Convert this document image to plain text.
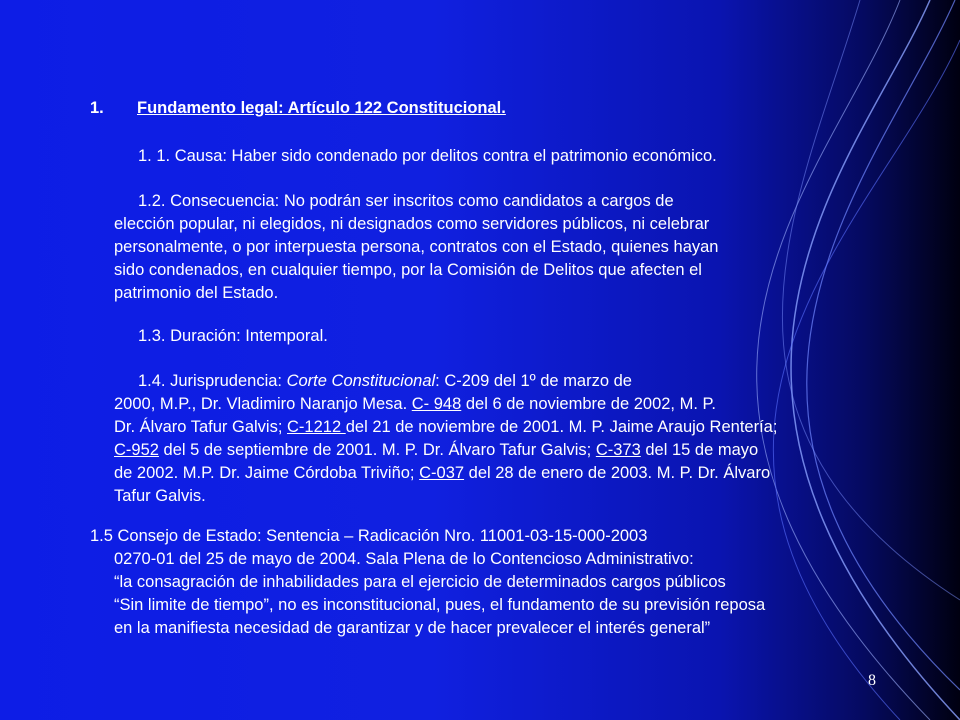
1. Fundamento legal: Artículo 122 Constitucional.
1. 1. Causa: Haber sido condenado por delitos contra el patrimonio económico.
1.2. Consecuencia: No podrán ser inscritos como candidatos a cargos de
elección popular, ni elegidos, ni designados como servidores públicos, ni celebrar
personalmente, o por interpuesta persona, contratos con el Estado, quienes hayan
sido condenados, en cualquier tiempo, por la Comisión de Delitos que afecten el
patrimonio del Estado.
1.3. Duración: Intemporal.
1.4. Jurisprudencia: Corte Constitucional: C-209 del 1º de marzo de
2000, M.P., Dr. Vladimiro Naranjo Mesa. C- 948 del 6 de noviembre de 2002, M. P.
Dr. Álvaro Tafur Galvis; C-1212 del 21 de noviembre de 2001. M. P. Jaime Araujo Rentería;
C-952 del 5 de septiembre de 2001. M. P. Dr. Álvaro Tafur Galvis; C-373 del 15 de mayo
de 2002. M.P. Dr. Jaime Córdoba Triviño; C-037 del 28 de enero de 2003. M. P. Dr. Álvaro
Tafur Galvis.
1.5 Consejo de Estado: Sentencia – Radicación Nro. 11001-03-15-000-2003
0270-01 del 25 de mayo de 2004. Sala Plena de lo Contencioso Administrativo:
“la consagración de inhabilidades para el ejercicio de determinados cargos públicos
“Sin limite de tiempo”, no es inconstitucional, pues, el fundamento de su previsión reposa
en la manifiesta necesidad de garantizar y de hacer prevalecer el interés general”
8
